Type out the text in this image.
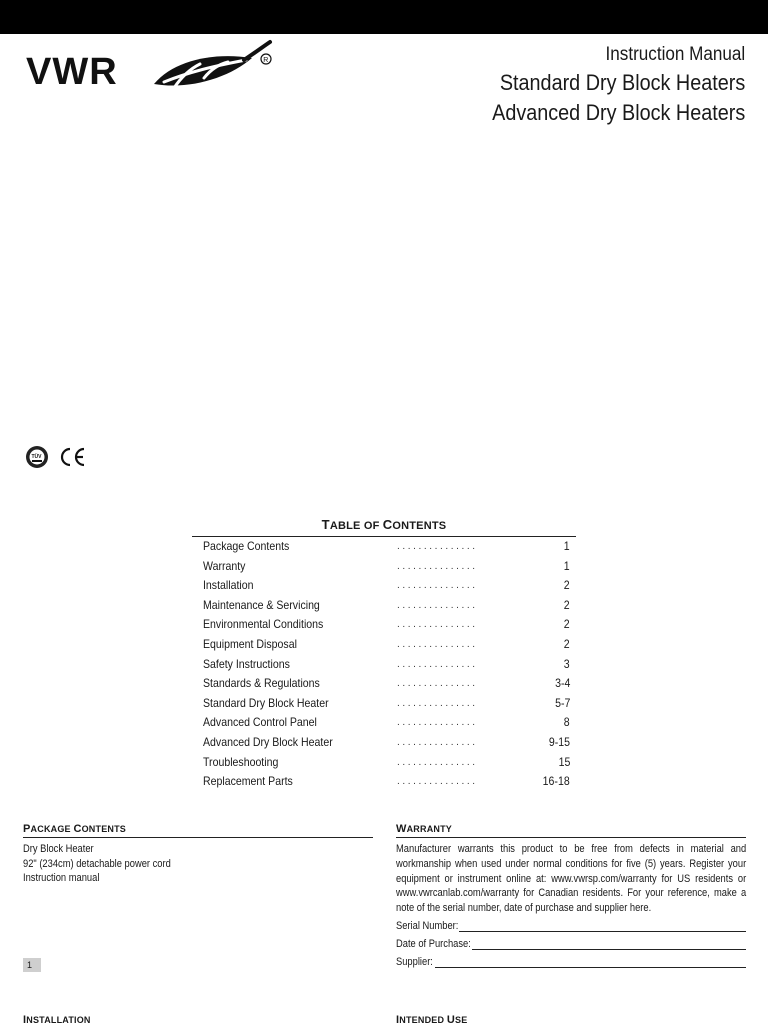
VWR	R	Instruction Manual
Standard Dry Block Heaters
Advanced Dry Block Heaters
TÜV
CE
TABLE OF CONTENTS
Package Contents	...............	1
Warranty	...............	1
Installation	...............	2
Maintenance & Servicing	...............	2
Environmental Conditions	...............	2
Equipment Disposal	...............	2
Safety Instructions	...............	3
Standards & Regulations	...............	3-4
Standard Dry Block Heater	...............	5-7
Advanced Control Panel	...............	8
Advanced Dry Block Heater	...............	9-15
Troubleshooting	...............	15
Replacement Parts	...............	16-18
PACKAGE CONTENTS
Dry Block Heater
92" (234cm) detachable power cord
Instruction manual
WARRANTY
Manufacturer warrants this product to be free from defects in material and workmanship when used under normal conditions for five (5) years. Register your equipment or instrument online at: www.vwrsp.com/warranty for US residents or www.vwrcanlab.com/warranty for Canadian residents. For your reference, make a note of the serial number, date of purchase and supplier here.
Serial Number:
Date of Purchase:
Supplier:
1
INSTALLATION	INTENDED USE
